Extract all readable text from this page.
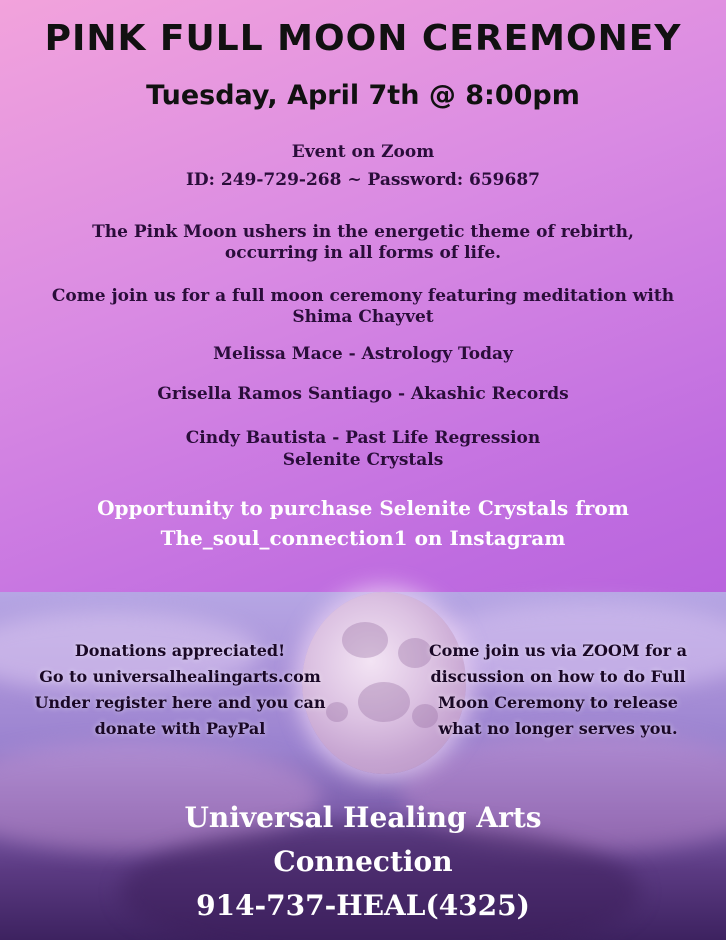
PINK FULL MOON CEREMONEY
Tuesday, April 7th @ 8:00pm
Event on Zoom
ID: 249-729-268 ~ Password: 659687
The Pink Moon ushers in the energetic theme of rebirth,
occurring in all forms of life.
Come join us for a full moon ceremony featuring meditation with
Shima Chayvet
Melissa Mace - Astrology Today
Grisella Ramos Santiago - Akashic Records
Cindy Bautista - Past Life Regression
Selenite Crystals
Opportunity to purchase Selenite Crystals from
The_soul_connection1 on Instagram
Donations appreciated!
Go to universalhealingarts.com
Under register here and you can
donate with PayPal
Come join us via ZOOM for a
discussion on how to do Full
Moon Ceremony to release
what no longer serves you.
Universal Healing Arts
Connection
914-737-HEAL(4325)
